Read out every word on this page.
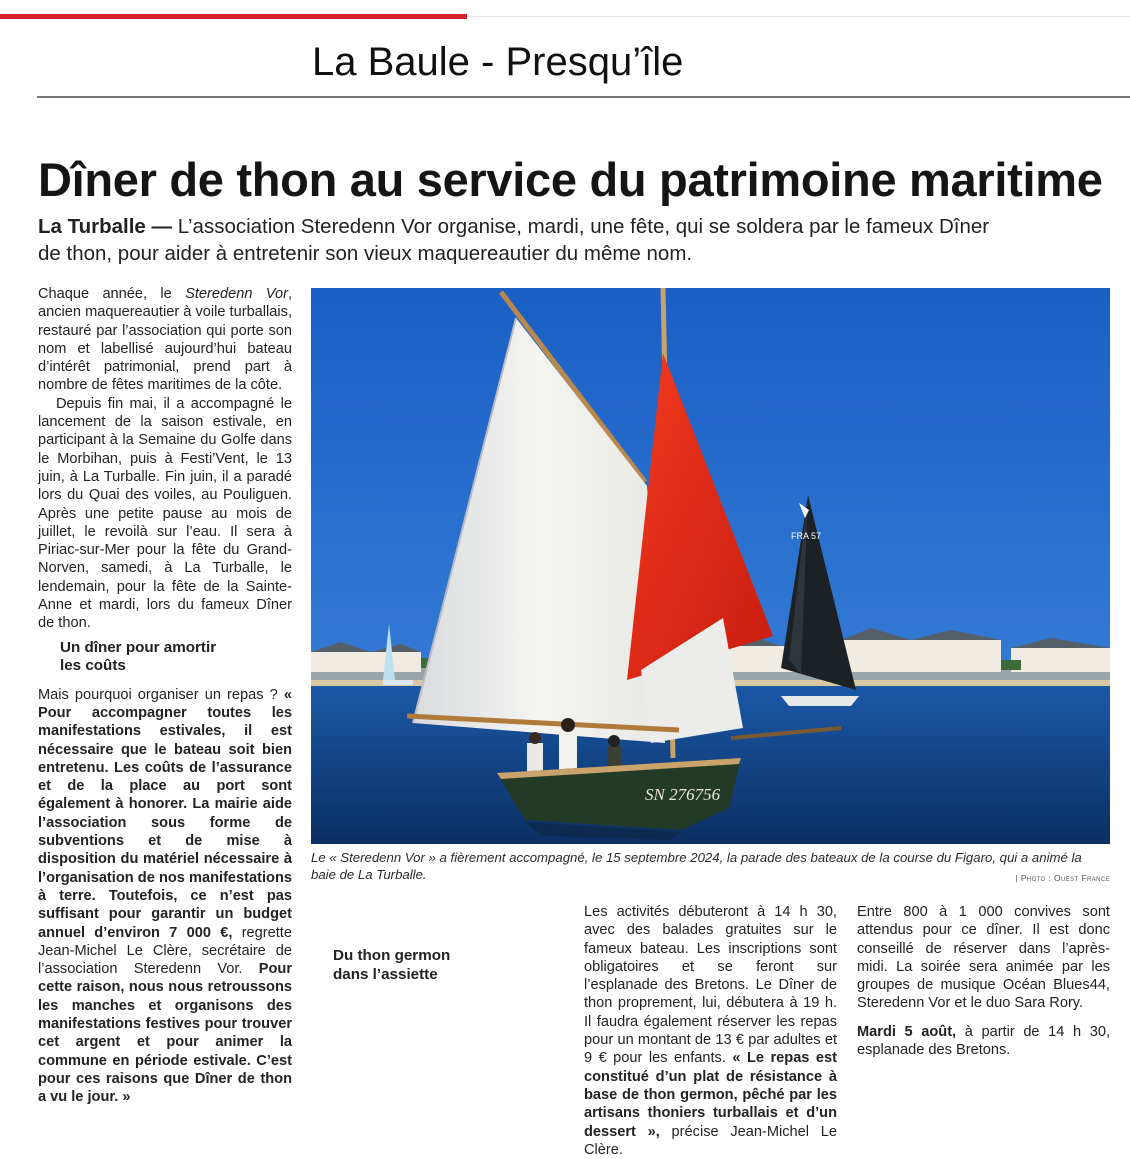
La Baule - Presqu’île
Dîner de thon au service du patrimoine maritime
La Turballe — L’association Steredenn Vor organise, mardi, une fête, qui se soldera par le fameux Dîner de thon, pour aider à entretenir son vieux maquereautier du même nom.

Chaque année, le Steredenn Vor, ancien maquereautier à voile turballais, restauré par l’association qui porte son nom et labellisé aujourd’hui bateau d’intérêt patrimonial, prend part à nombre de fêtes maritimes de la côte.

Depuis fin mai, il a accompagné le lancement de la saison estivale, en participant à la Semaine du Golfe dans le Morbihan, puis à Festi’Vent, le 13 juin, à La Turballe. Fin juin, il a paradé lors du Quai des voiles, au Pouliguen. Après une petite pause au mois de juillet, le revoilà sur l’eau. Il sera à Piriac-sur-Mer pour la fête du Grand-Norven, samedi, à La Turballe, le lendemain, pour la fête de la Sainte-Anne et mardi, lors du fameux Dîner de thon.

Un dîner pour amortir
les coûts

Mais pourquoi organiser un repas ? « Pour accompagner toutes les manifestations estivales, il est nécessaire que le bateau soit bien entretenu. Les coûts de l’assurance et de la place au port sont également à honorer. La mairie aide l’association sous forme de subventions et de mise à disposition du matériel nécessaire à l’organisation de nos manifestations à terre. Toutefois, ce n’est pas suffisant pour garantir un budget annuel d’environ 7 000 €, regrette Jean-Michel Le Clère, secrétaire de l’association Steredenn Vor. Pour cette raison, nous nous retroussons les manches et organisons des manifestations festives pour trouver cet argent et pour animer la commune en période estivale. C’est pour ces raisons que Dîner de thon a vu le jour. »

FRA 57
SN 276756
Le « Steredenn Vor » a fièrement accompagné, le 15 septembre 2024, la parade des bateaux de la course du Figaro, qui a animé la baie de La Turballe.	| Photo : Ouest France
Du thon germon
dans l’assiette

Les activités débuteront à 14 h 30, avec des balades gratuites sur le fameux bateau. Les inscriptions sont obligatoires et se feront sur l’esplanade des Bretons. Le Dîner de thon proprement, lui, débutera à 19 h. Il faudra également réserver les repas pour un montant de 13 € par adultes et 9 € pour les enfants. « Le repas est constitué d’un plat de résistance à base de thon germon, pêché par les artisans thoniers turballais et d’un dessert », précise Jean-Michel Le Clère.

Entre 800 à 1 000 convives sont attendus pour ce dîner. Il est donc conseillé de réserver dans l’après-midi. La soirée sera animée par les groupes de musique Océan Blues44, Steredenn Vor et le duo Sara Rory.

Mardi 5 août, à partir de 14 h 30, esplanade des Bretons.
